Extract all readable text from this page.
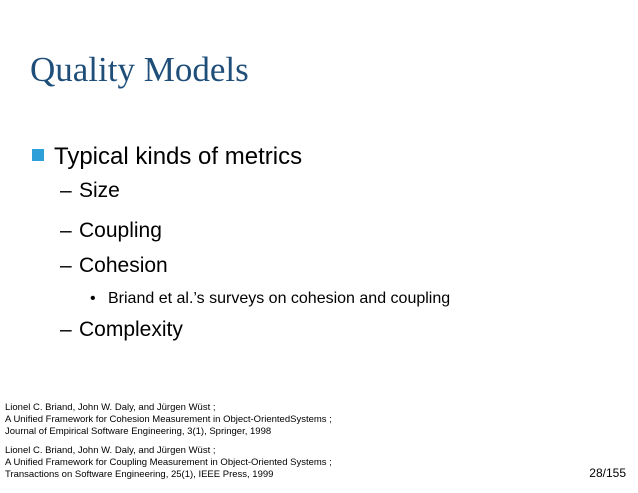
Quality Models
Typical kinds of metrics
– Size
– Coupling
– Cohesion
• Briand et al.’s surveys on cohesion and coupling
– Complexity
Lionel C. Briand, John W. Daly, and Jürgen Wüst ;
A Unified Framework for Cohesion Measurement in Object-OrientedSystems ;
Journal of Empirical Software Engineering, 3(1), Springer, 1998
Lionel C. Briand, John W. Daly, and Jürgen Wüst ;
A Unified Framework for Coupling Measurement in Object-Oriented Systems ;
Transactions on Software Engineering, 25(1), IEEE Press, 1999	28/155
